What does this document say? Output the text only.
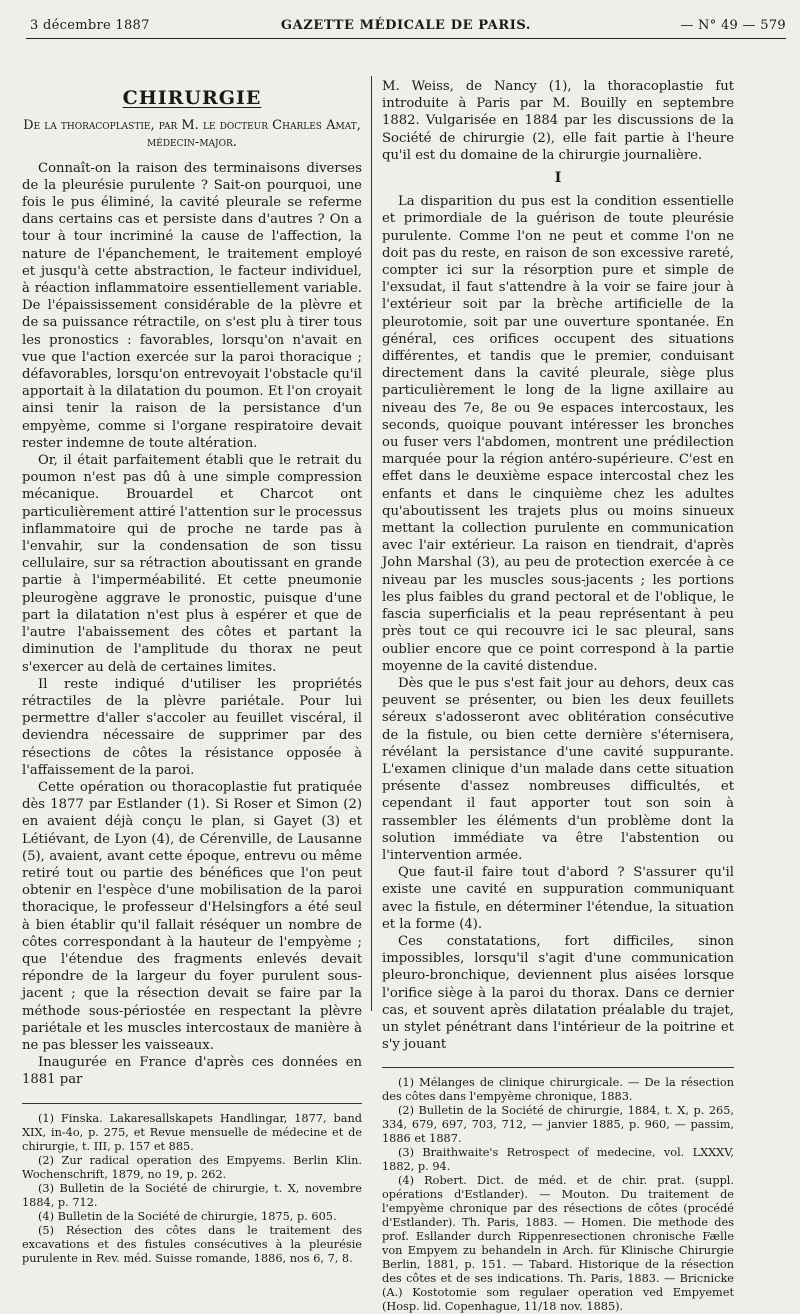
3 décembre 1887	GAZETTE MÉDICALE DE PARIS.	— N° 49 — 579
CHIRURGIE
De la thoracoplastie, par M. le docteur Charles Amat, médecin-major.

Connaît-on la raison des terminaisons diverses de la pleurésie purulente ? Sait-on pourquoi, une fois le pus éliminé, la cavité pleurale se referme dans certains cas et persiste dans d'autres ? On a tour à tour incriminé la cause de l'affection, la nature de l'épanchement, le traitement employé et jusqu'à cette abstraction, le facteur individuel, à réaction inflammatoire essentiellement variable. De l'épaississement considérable de la plèvre et de sa puissance rétractile, on s'est plu à tirer tous les pronostics : favorables, lorsqu'on n'avait en vue que l'action exercée sur la paroi thoracique ; défavorables, lorsqu'on entrevoyait l'obstacle qu'il apportait à la dilatation du poumon. Et l'on croyait ainsi tenir la raison de la persistance d'un empyème, comme si l'organe respiratoire devait rester indemne de toute altération.

Or, il était parfaitement établi que le retrait du poumon n'est pas dû à une simple compression mécanique. Brouardel et Charcot ont particulièrement attiré l'attention sur le processus inflammatoire qui de proche ne tarde pas à l'envahir, sur la condensation de son tissu cellulaire, sur sa rétraction aboutissant en grande partie à l'imperméabilité. Et cette pneumonie pleurogène aggrave le pronostic, puisque d'une part la dilatation n'est plus à espérer et que de l'autre l'abaissement des côtes et partant la diminution de l'amplitude du thorax ne peut s'exercer au delà de certaines limites.

Il reste indiqué d'utiliser les propriétés rétractiles de la plèvre pariétale. Pour lui permettre d'aller s'accoler au feuillet viscéral, il deviendra nécessaire de supprimer par des résections de côtes la résistance opposée à l'affaissement de la paroi.

Cette opération ou thoracoplastie fut pratiquée dès 1877 par Estlander (1). Si Roser et Simon (2) en avaient déjà conçu le plan, si Gayet (3) et Létiévant, de Lyon (4), de Cérenville, de Lausanne (5), avaient, avant cette époque, entrevu ou même retiré tout ou partie des bénéfices que l'on peut obtenir en l'espèce d'une mobilisation de la paroi thoracique, le professeur d'Helsingfors a été seul à bien établir qu'il fallait réséquer un nombre de côtes correspondant à la hauteur de l'empyème ; que l'étendue des fragments enlevés devait répondre de la largeur du foyer purulent sous-jacent ; que la résection devait se faire par la méthode sous-périostée en respectant la plèvre pariétale et les muscles intercostaux de manière à ne pas blesser les vaisseaux.

Inaugurée en France d'après ces données en 1881 par

(1) Finska. Lakaresallskapets Handlingar, 1877, band XIX, in-4o, p. 275, et Revue mensuelle de médecine et de chirurgie, t. III, p. 157 et 885.

(2) Zur radical operation des Empyems. Berlin Klin. Wochenschrift, 1879, no 19, p. 262.

(3) Bulletin de la Société de chirurgie, t. X, novembre 1884, p. 712.

(4) Bulletin de la Société de chirurgie, 1875, p. 605.

(5) Résection des côtes dans le traitement des excavations et des fistules consécutives à la pleurésie purulente in Rev. méd. Suisse romande, 1886, nos 6, 7, 8.

M. Weiss, de Nancy (1), la thoracoplastie fut introduite à Paris par M. Bouilly en septembre 1882. Vulgarisée en 1884 par les discussions de la Société de chirurgie (2), elle fait partie à l'heure qu'il est du domaine de la chirurgie journalière.

I

La disparition du pus est la condition essentielle et primordiale de la guérison de toute pleurésie purulente. Comme l'on ne peut et comme l'on ne doit pas du reste, en raison de son excessive rareté, compter ici sur la résorption pure et simple de l'exsudat, il faut s'attendre à la voir se faire jour à l'extérieur soit par la brèche artificielle de la pleurotomie, soit par une ouverture spontanée. En général, ces orifices occupent des situations différentes, et tandis que le premier, conduisant directement dans la cavité pleurale, siège plus particulièrement le long de la ligne axillaire au niveau des 7e, 8e ou 9e espaces intercostaux, les seconds, quoique pouvant intéresser les bronches ou fuser vers l'abdomen, montrent une prédilection marquée pour la région antéro-supérieure. C'est en effet dans le deuxième espace intercostal chez les enfants et dans le cinquième chez les adultes qu'aboutissent les trajets plus ou moins sinueux mettant la collection purulente en communication avec l'air extérieur. La raison en tiendrait, d'après John Marshal (3), au peu de protection exercée à ce niveau par les muscles sous-jacents ; les portions les plus faibles du grand pectoral et de l'oblique, le fascia superficialis et la peau représentant à peu près tout ce qui recouvre ici le sac pleural, sans oublier encore que ce point correspond à la partie moyenne de la cavité distendue.

Dès que le pus s'est fait jour au dehors, deux cas peuvent se présenter, ou bien les deux feuillets séreux s'adosseront avec oblitération consécutive de la fistule, ou bien cette dernière s'éternisera, révélant la persistance d'une cavité suppurante. L'examen clinique d'un malade dans cette situation présente d'assez nombreuses difficultés, et cependant il faut apporter tout son soin à rassembler les éléments d'un problème dont la solution immédiate va être l'abstention ou l'intervention armée.

Que faut-il faire tout d'abord ? S'assurer qu'il existe une cavité en suppuration communiquant avec la fistule, en déterminer l'étendue, la situation et la forme (4).

Ces constatations, fort difficiles, sinon impossibles, lorsqu'il s'agit d'une communication pleuro-bronchique, deviennent plus aisées lorsque l'orifice siège à la paroi du thorax. Dans ce dernier cas, et souvent après dilatation préalable du trajet, un stylet pénétrant dans l'intérieur de la poitrine et s'y jouant

(1) Mélanges de clinique chirurgicale. — De la résection des côtes dans l'empyème chronique, 1883.

(2) Bulletin de la Société de chirurgie, 1884, t. X, p. 265, 334, 679, 697, 703, 712, — janvier 1885, p. 960, — passim, 1886 et 1887.

(3) Braithwaite's Retrospect of medecine, vol. LXXXV, 1882, p. 94.

(4) Robert. Dict. de méd. et de chir. prat. (suppl. opérations d'Estlander). — Mouton. Du traitement de l'empyème chronique par des résections de côtes (procédé d'Estlander). Th. Paris, 1883. — Homen. Die methode des prof. Esllander durch Rippenresectionen chronische Fælle von Empyem zu behandeln in Arch. für Klinische Chirurgie Berlin, 1881, p. 151. — Tabard. Historique de la résection des côtes et de ses indications. Th. Paris, 1883. — Bricnicke (A.) Kostotomie som regulaer operation ved Empyemet (Hosp. lid. Copenhague, 11/18 nov. 1885).
